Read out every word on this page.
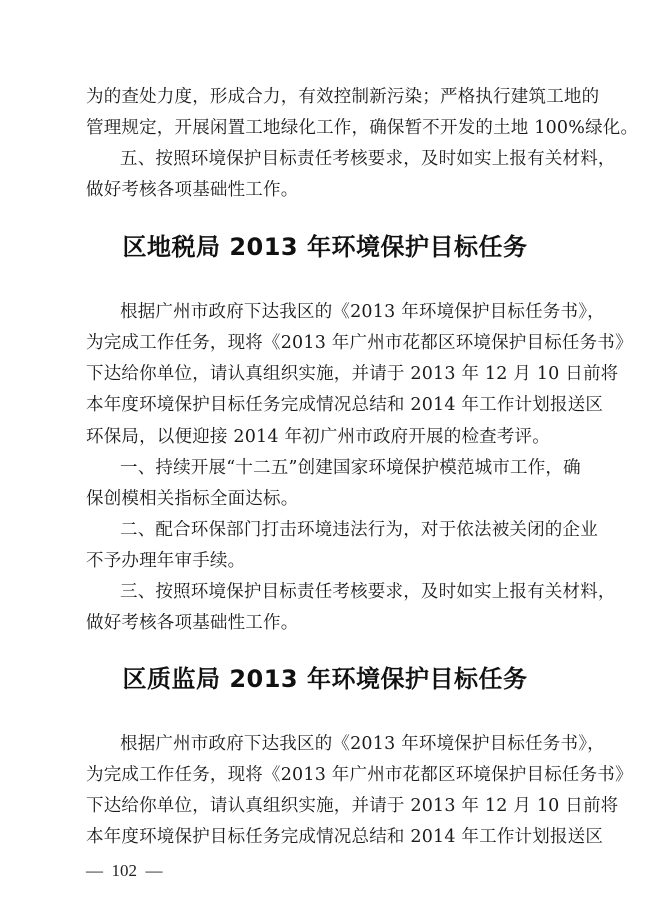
为的查处力度，形成合力，有效控制新污染；严格执行建筑工地的
管理规定，开展闲置工地绿化工作，确保暂不开发的土地 100%绿化。
五、按照环境保护目标责任考核要求，及时如实上报有关材料，
做好考核各项基础性工作。
区地税局 2013 年环境保护目标任务
根据广州市政府下达我区的《2013 年环境保护目标任务书》，
为完成工作任务，现将《2013 年广州市花都区环境保护目标任务书》
下达给你单位，请认真组织实施，并请于 2013 年 12 月 10 日前将
本年度环境保护目标任务完成情况总结和 2014 年工作计划报送区
环保局，以便迎接 2014 年初广州市政府开展的检查考评。
一、持续开展“十二五”创建国家环境保护模范城市工作，确
保创模相关指标全面达标。
二、配合环保部门打击环境违法行为，对于依法被关闭的企业
不予办理年审手续。
三、按照环境保护目标责任考核要求，及时如实上报有关材料，
做好考核各项基础性工作。
区质监局 2013 年环境保护目标任务
根据广州市政府下达我区的《2013 年环境保护目标任务书》，
为完成工作任务，现将《2013 年广州市花都区环境保护目标任务书》
下达给你单位，请认真组织实施，并请于 2013 年 12 月 10 日前将
本年度环境保护目标任务完成情况总结和 2014 年工作计划报送区
—  102  —
